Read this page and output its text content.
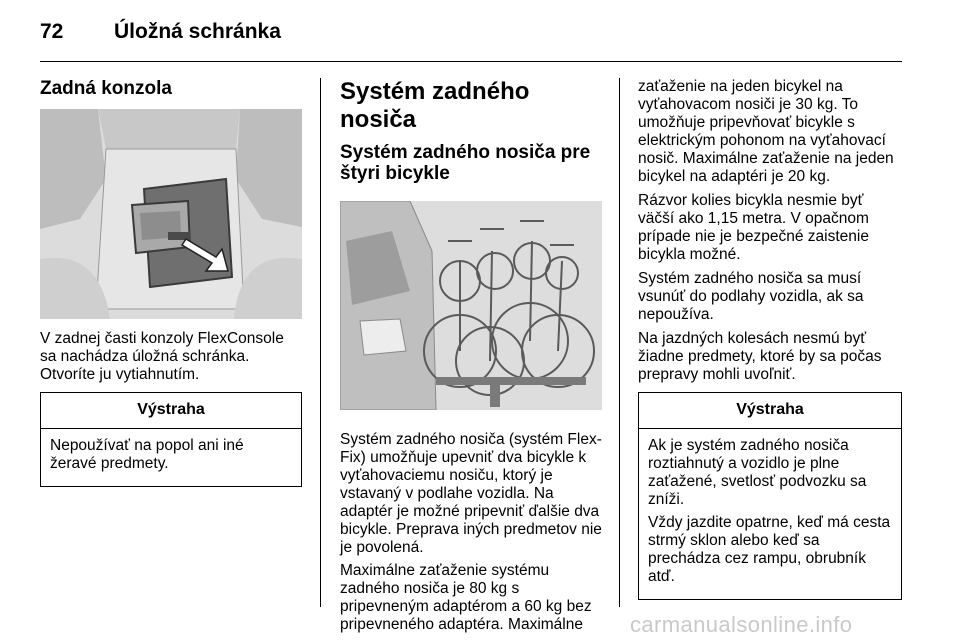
72 Úložná schránka
Zadná konzola

V zadnej časti konzoly FlexConsole sa nachádza úložná schránka. Otvoríte ju vytiahnutím.

Výstraha

Nepoužívať na popol ani iné žeravé predmety.

Systém zadného nosiča
Systém zadného nosiča pre štyri bicykle

Systém zadného nosiča (systém Flex-Fix) umožňuje upevniť dva bicykle k vyťahovaciemu nosiču, ktorý je vstavaný v podlahe vozidla. Na adaptér je možné pripevniť ďalšie dva bicykle. Preprava iných predmetov nie je povolená.

Maximálne zaťaženie systému zadného nosiča je 80 kg s pripevneným adaptérom a 60 kg bez pripevneného adaptéra. Maximálne

zaťaženie na jeden bicykel na vyťahovacom nosiči je 30 kg. To umožňuje pripevňovať bicykle s elektrickým pohonom na vyťahovací nosič. Maximálne zaťaženie na jeden bicykel na adaptéri je 20 kg.

Rázvor kolies bicykla nesmie byť väčší ako 1,15 metra. V opačnom prípade nie je bezpečné zaistenie bicykla možné.

Systém zadného nosiča sa musí vsunúť do podlahy vozidla, ak sa nepoužíva.

Na jazdných kolesách nesmú byť žiadne predmety, ktoré by sa počas prepravy mohli uvoľniť.

Výstraha

Ak je systém zadného nosiča roztiahnutý a vozidlo je plne zaťažené, svetlosť podvozku sa zníži.

Vždy jazdite opatrne, keď má cesta strmý sklon alebo keď sa prechádza cez rampu, obrubník atď.

carmanualsonline.info
